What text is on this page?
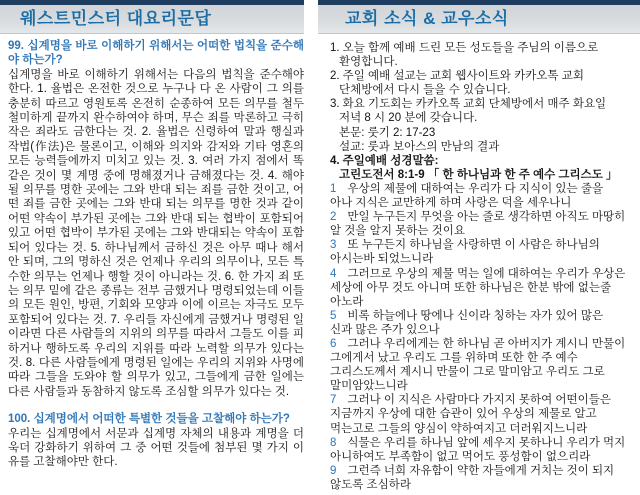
웨스트민스터 대요리문답	교회 소식 & 교우소식

99. 십계명을 바로 이해하기 위해서는 어떠한 법칙을 준수해야 하는가?

십계명을 바로 이해하기 위해서는 다음의 법칙을 준수해야 한다. 1. 율법은 온전한 것으로 누구나 다 온 사람이 그 의를 충분히 따르고 영원토록 온전히 순종하여 모든 의무를 철두철미하게 끝까지 완수하여야 하며, 무슨 죄를 막론하고 극히 작은 죄라도 금한다는 것. 2. 율법은 신령하여 말과 행실과 작법(作法)은 물론이고, 이해와 의지와 감저와 기타 영혼의 모든 능력들에까지 미치고 있는 것. 3. 여러 가지 점에서 똑같은 것이 몇 계명 중에 명해졌거나 금해졌다는 것. 4. 해야 될 의무를 명한 곳에는 그와 반대 되는 죄를 금한 것이고, 어떤 죄를 금한 곳에는 그와 반대 되는 의무를 명한 것과 같이 어떤 약속이 부가된 곳에는 그와 반대 되는 협박이 포함되어 있고 어떤 협박이 부가된 곳에는 그와 반대되는 약속이 포함되어 있다는 것. 5. 하나님께서 금하신 것은 아무 때나 해서 안 되며, 그의 명하신 것은 언제나 우리의 의무이나, 모든 특수한 의무는 언제나 행할 것이 아니라는 것. 6. 한 가지 죄 또는 의무 밑에 같은 종류는 전부 금했거나 명령되었는데 이들의 모든 원인, 방편, 기회와 모양과 이에 이르는 자극도 모두 포함되어 있다는 것. 7. 우리들 자신에게 금했거나 명령된 일이라면 다른 사람들의 지위의 의무를 따라서 그들도 이를 피하거나 행하도록 우리의 지위를 따라 노력할 의무가 있다는 것. 8. 다른 사람들에게 명령된 일에는 우리의 지위와 사명에 따라 그들을 도와야 할 의무가 있고, 그들에게 금한 일에는 다른 사람들과 동참하지 않도록 조심할 의무가 있다는 것.

100. 십계명에서 어떠한 특별한 것들을 고찰해야 하는가?

우리는 십계명에서 서문과 십계명 자체의 내용과 계명을 더욱더 강화하기 위하여 그 중 어떤 것들에 첨부된 몇 가지 이유를 고찰해야만 한다.

1. 오늘 함께 예배 드린 모든 성도들을 주님의 이름으로 환영합니다.
2. 주일 예배 설교는 교회 웹사이트와 카카오톡 교회 단체방에서 다시 들을 수 있습니다.
3. 화요 기도회는 카카오톡 교회 단체방에서 매주 화요일 저녁 8 시 20 분에 갖습니다.
본문: 룻기 2: 17-23
설교: 룻과 보아스의 만남의 결과
4. 주일예배 성경말씀:
고린도전서 8:1-9 「 한 하나님과 한 주 예수 그리스도 」
1 우상의 제물에 대하여는 우리가 다 지식이 있는 줄을 아나 지식은 교만하게 하며 사랑은 덕을 세우나니
2 만일 누구든지 무엇을 아는 줄로 생각하면 아직도 마땅히 알 것을 알지 못하는 것이요
3 또 누구든지 하나님을 사랑하면 이 사람은 하나님의 아시는바 되었느니라
4 그러므로 우상의 제물 먹는 일에 대하여는 우리가 우상은 세상에 아무 것도 아니며 또한 하나님은 한분 밖에 없는줄 아노라
5 비록 하늘에나 땅에나 신이라 칭하는 자가 있어 많은 신과 많은 주가 있으나
6 그러나 우리에게는 한 하나님 곧 아버지가 계시니 만물이 그에게서 났고 우리도 그를 위하며 또한 한 주 예수 그리스도께서 계시니 만물이 그로 말미암고 우리도 그로 말미암았느니라
7 그러나 이 지식은 사람마다 가지지 못하여 어떤이들은 지금까지 우상에 대한 습관이 있어 우상의 제물로 알고 먹는고로 그들의 양심이 약하여지고 더러워지느니라
8 식물은 우리를 하나님 앞에 세우지 못하나니 우리가 먹지 아니하여도 부족함이 없고 먹어도 풍성함이 없으리라
9 그런즉 너희 자유함이 약한 자들에게 거치는 것이 되지 않도록 조심하라
